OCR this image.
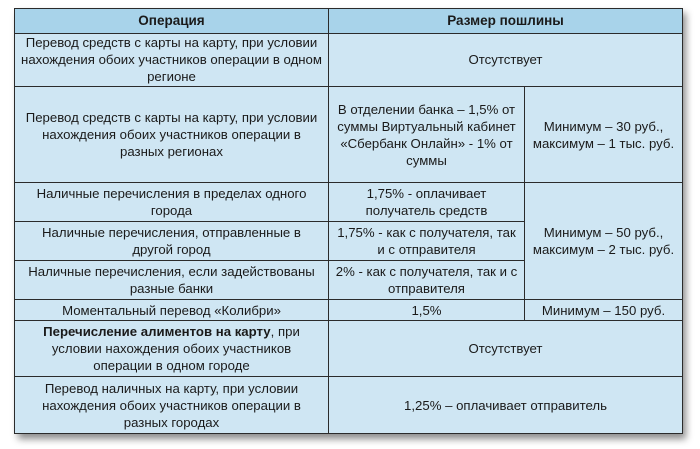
Операция	Размер пошлины	
Перевод средств с карты на карту, при условии нахождения обоих участников операции в одном регионе	Отсутствует	
Перевод средств с карты на карту, при условии нахождения обоих участников операции в разных регионах	В отделении банка – 1,5% от суммы Виртуальный кабинет «Сбербанк Онлайн» - 1% от суммы	Минимум – 30 руб., максимум – 1 тыс. руб.
Наличные перечисления в пределах одного города	1,75% - оплачивает получатель средств	Минимум – 50 руб., максимум – 2 тыс. руб.
Наличные перечисления, отправленные в другой город	1,75% - как с получателя, так и с отправителя	
Наличные перечисления, если задействованы разные банки	2% - как с получателя, так и с отправителя	
Моментальный перевод «Колибри»	1,5%	Минимум – 150 руб.
Перечисление алиментов на карту, при условии нахождения обоих участников операции в одном городе	Отсутствует	
Перевод наличных на карту, при условии нахождения обоих участников операции в разных городах	1,25% – оплачивает отправитель	
